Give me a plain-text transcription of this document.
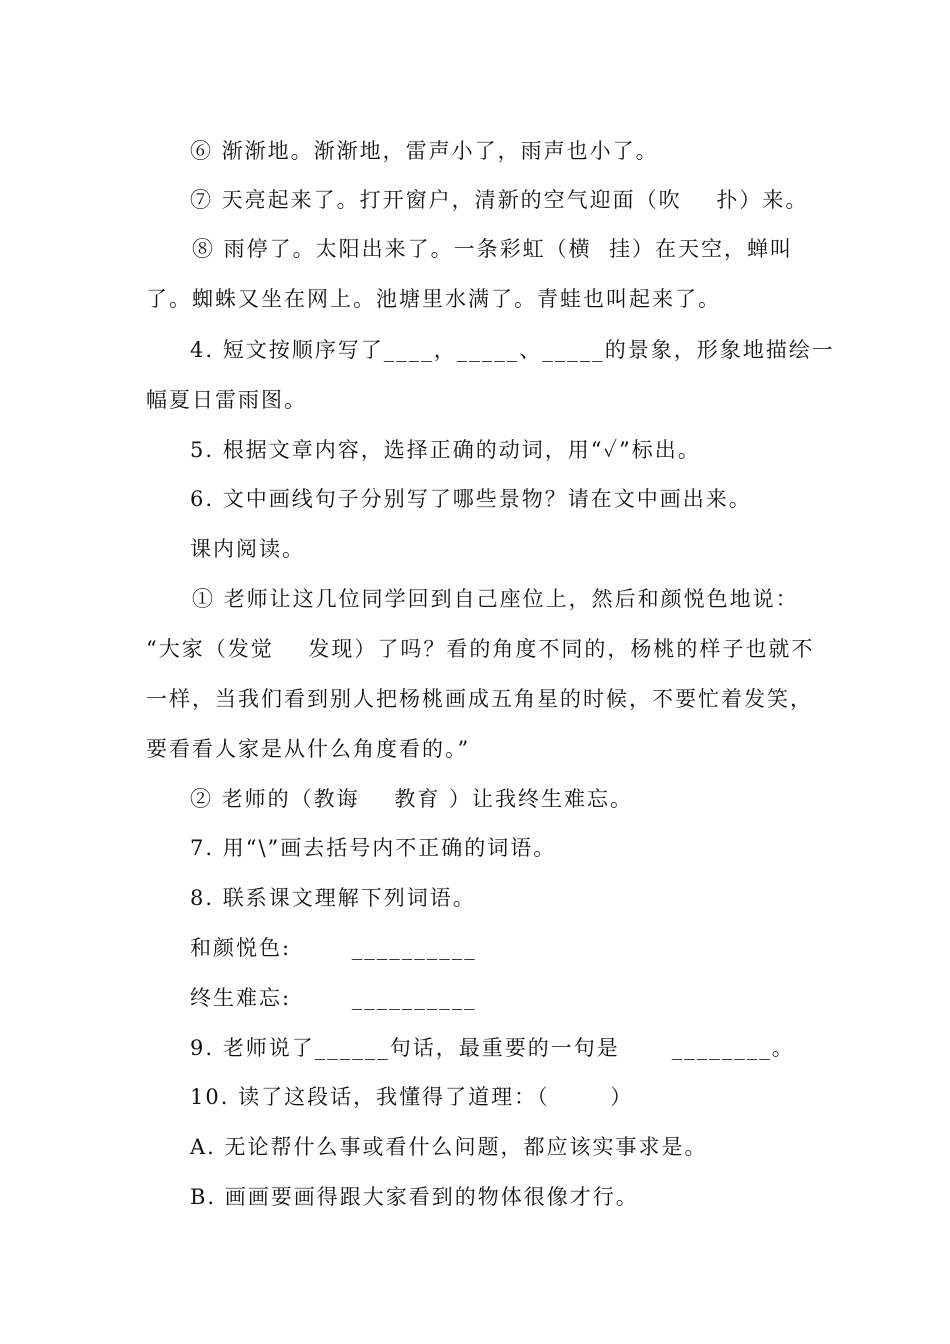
⑥ 渐渐地。渐渐地，雷声小了，雨声也小了。
⑦ 天亮起来了。打开窗户，清新的空气迎面（吹    扑）来。
⑧ 雨停了。太阳出来了。一条彩虹（横  挂）在天空，蝉叫
了。蜘蛛又坐在网上。池塘里水满了。青蛙也叫起来了。
4. 短文按顺序写了____，_____、_____的景象，形象地描绘一
幅夏日雷雨图。
5. 根据文章内容，选择正确的动词，用“✓”标出。
6. 文中画线句子分别写了哪些景物？请在文中画出来。
课内阅读。
① 老师让这几位同学回到自己座位上，然后和颜悦色地说：
“大家（发觉    发现）了吗？看的角度不同的，杨桃的样子也就不
一样，当我们看到别人把杨桃画成五角星的时候，不要忙着发笑，
要看看人家是从什么角度看的。”
② 老师的（教诲    教育 ）让我终生难忘。
7. 用“\”画去括号内不正确的词语。
8. 联系课文理解下列词语。
和颜悦色:       __________
终生难忘:       __________
9. 老师说了______句话，最重要的一句是      ________。
10. 读了这段话，我懂得了道理：（       ）
A. 无论帮什么事或看什么问题，都应该实事求是。
B. 画画要画得跟大家看到的物体很像才行。
